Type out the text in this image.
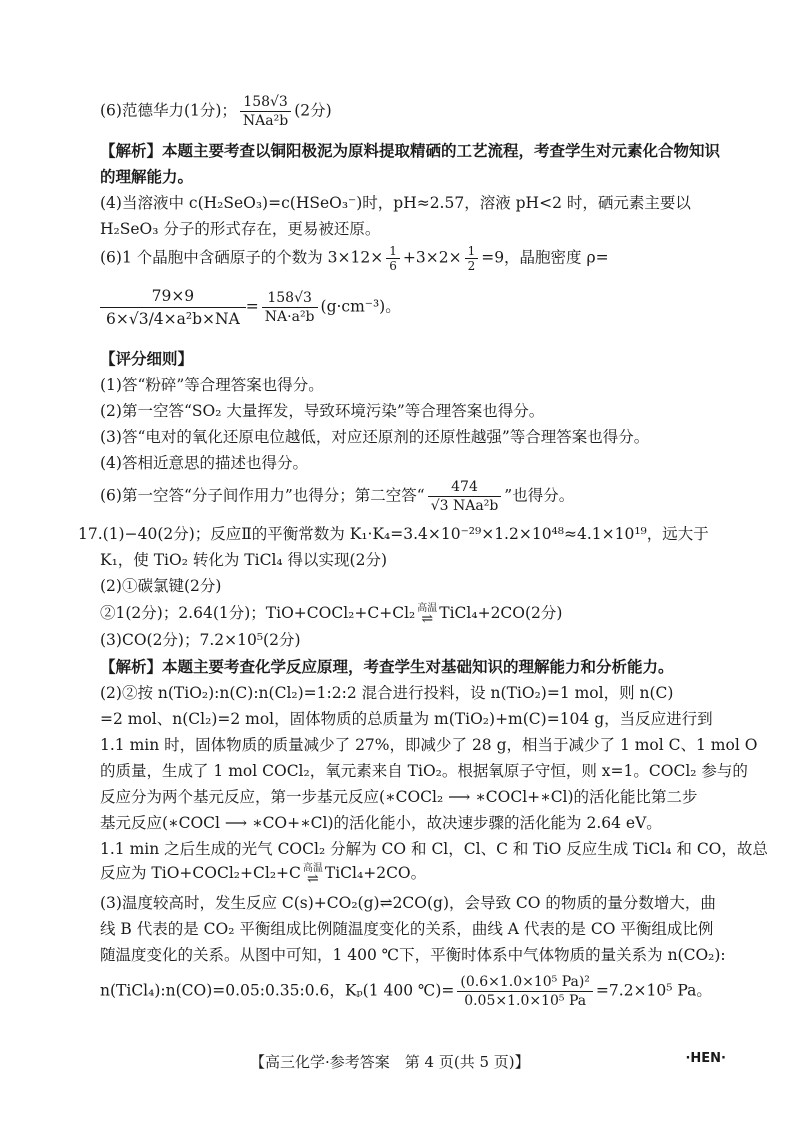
(6)范德华力(1分)； $\frac{158√3}{\text{NAa²b}} (2$分)
【解析】本题主要考查以铜阳极泥为原料提取精硒的工艺流程，考查学生对元素化合物知识
的理解能力。
(4)当溶液中 c(H₂SeO₃)=c(HSeO₃⁻)时，pH≈2.57，溶液 pH<2 时，硒元素主要以
H₂SeO₃ 分子的形式存在，更易被还原。
(6)1 个晶胞中含硒原子的个数为 $3\times 12\times \frac{1}{6} +3\times 2\times \frac{1}{2} =9$，晶胞密度 ρ=
$\frac{79\times 9}{\text{6×√3/4×a²b×NA}} = \frac{158√3}{\text{NA·a²b}} (g\cdot cm^{-3})$。
【评分细则】
(1)答“粉碎”等合理答案也得分。
(2)第一空答“SO₂ 大量挥发，导致环境污染”等合理答案也得分。
(3)答“电对的氧化还原电位越低，对应还原剂的还原性越强”等合理答案也得分。
(4)答相近意思的描述也得分。
(6)第一空答“分子间作用力”也得分；第二空答“ $\frac{474}{\text{√3 NAa²b}}$ ”也得分。
17.(1)−40(2分)；反应Ⅱ的平衡常数为 K₁·K₄=3.4×10⁻²⁹×1.2×10⁴⁸≈4.1×10¹⁹，远大于
K₁，使 TiO₂ 转化为 TiCl₄ 得以实现(2分)
(2)①碳氯键(2分)
②1(2分)；2.64(1分)；TiO+COCl₂+C+Cl₂ 高温
⇌ TiCl₄+2CO(2分)
(3)CO(2分)；7.2×10⁵(2分)
【解析】本题主要考查化学反应原理，考查学生对基础知识的理解能力和分析能力。
(2)②按 n(TiO₂):n(C):n(Cl₂)=1:2:2 混合进行投料，设 n(TiO₂)=1 mol，则 n(C)
=2 mol、n(Cl₂)=2 mol，固体物质的总质量为 m(TiO₂)+m(C)=104 g，当反应进行到
1.1 min 时，固体物质的质量减少了 27%，即减少了 28 g，相当于减少了 1 mol C、1 mol O
的质量，生成了 1 mol COCl₂，氧元素来自 TiO₂。根据氧原子守恒，则 x=1。COCl₂ 参与的
反应分为两个基元反应，第一步基元反应(∗COCl₂ ⟶ ∗COCl+∗Cl)的活化能比第二步
基元反应(∗COCl ⟶ ∗CO+∗Cl)的活化能小，故决速步骤的活化能为 2.64 eV。
1.1 min 之后生成的光气 COCl₂ 分解为 CO 和 Cl，Cl、C 和 TiO 反应生成 TiCl₄ 和 CO，故总
反应为 TiO+COCl₂+Cl₂+C 高温
⇌ TiCl₄+2CO。
(3)温度较高时，发生反应 C(s)+CO₂(g)⇌2CO(g)，会导致 CO 的物质的量分数增大，曲
线 B 代表的是 CO₂ 平衡组成比例随温度变化的关系，曲线 A 代表的是 CO 平衡组成比例
随温度变化的关系。从图中可知，1 400 ℃下，平衡时体系中气体物质的量关系为 n(CO₂):
n(TiCl₄):n(CO)=0.05:0.35:0.6，Kₚ(1 400 ℃)= $\frac{\text{(0.6×1.0×10⁵ Pa)²}}{\text{0.05×1.0×10⁵ Pa}} =7.2\times 10^5$ Pa。
【高三化学·参考答案　第 4 页(共 5 页)】	·HEN·
